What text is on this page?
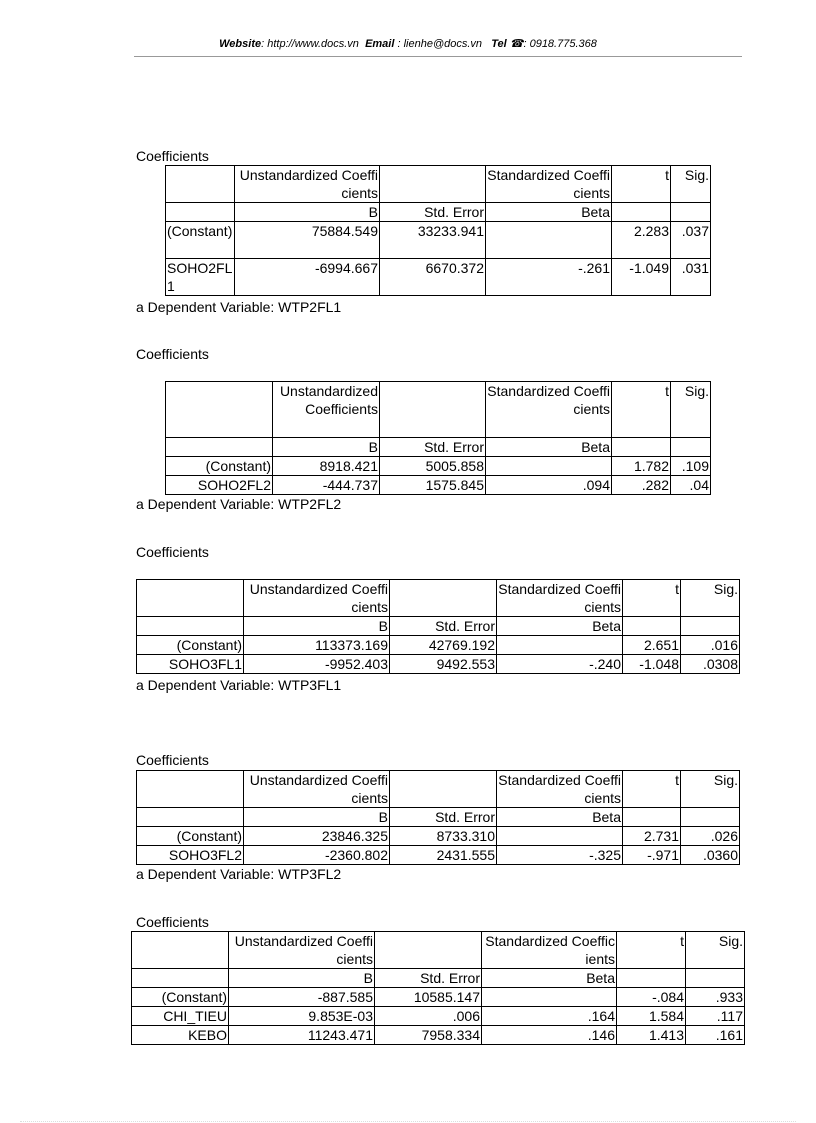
Website: http://www.docs.vn Email : lienhe@docs.vn Tel ☎: 0918.775.368
Coefficients
	Unstandardized Coefficients		Standardized Coefficients	t	Sig.
	B	Std. Error	Beta		
(Constant)	75884.549	33233.941		2.283	.037
SOHO2FL1	-6994.667	6670.372	-.261	-1.049	.031
a Dependent Variable: WTP2FL1
Coefficients
	Unstandardized Coefficients		Standardized Coefficients	t	Sig.
	B	Std. Error	Beta		
(Constant)	8918.421	5005.858		1.782	.109
SOHO2FL2	-444.737	1575.845	.094	.282	.04
a Dependent Variable: WTP2FL2
Coefficients
	Unstandardized Coefficients		Standardized Coefficients	t	Sig.
	B	Std. Error	Beta		
(Constant)	113373.169	42769.192		2.651	.016
SOHO3FL1	-9952.403	9492.553	-.240	-1.048	.0308
a Dependent Variable: WTP3FL1
Coefficients
	Unstandardized Coefficients		Standardized Coefficients	t	Sig.
	B	Std. Error	Beta		
(Constant)	23846.325	8733.310		2.731	.026
SOHO3FL2	-2360.802	2431.555	-.325	-.971	.0360
a Dependent Variable: WTP3FL2
Coefficients
	Unstandardized Coefficients		Standardized Coefficients	t	Sig.
	B	Std. Error	Beta		
(Constant)	-887.585	10585.147		-.084	.933
CHI_TIEU	9.853E-03	.006	.164	1.584	.117
KEBO	11243.471	7958.334	.146	1.413	.161
